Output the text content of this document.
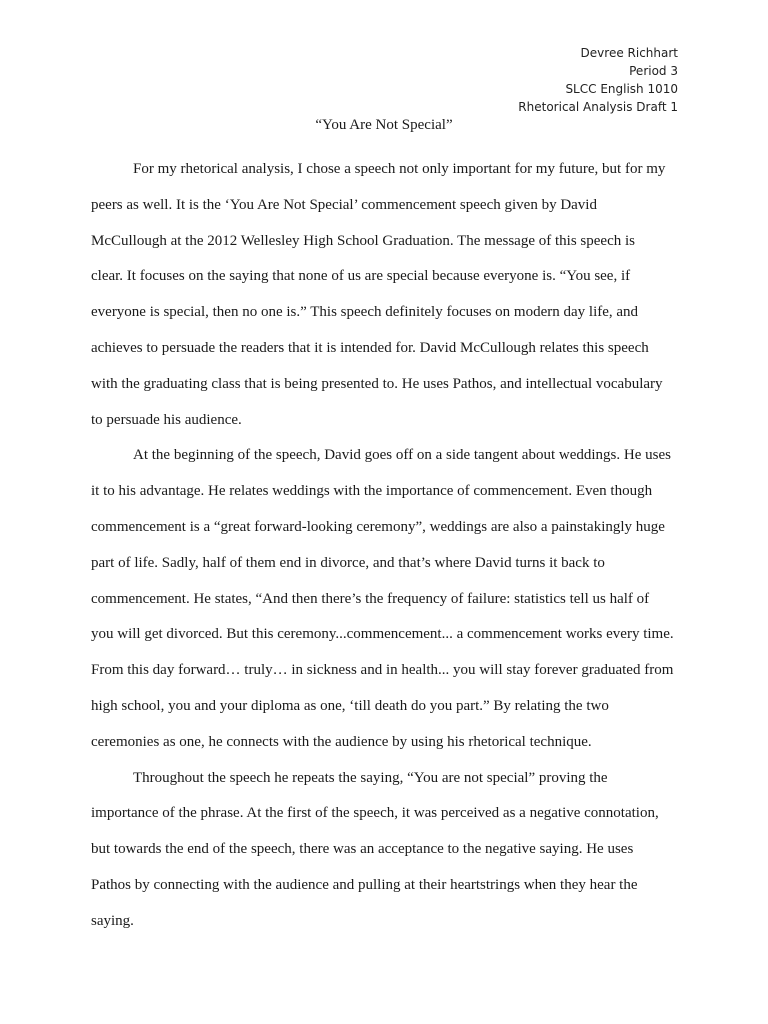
Devree Richhart
Period 3
SLCC English 1010
Rhetorical Analysis Draft 1
“You Are Not Special”

For my rhetorical analysis, I chose a speech not only important for my future, but for my
peers as well. It is the ‘You Are Not Special’ commencement speech given by David
McCullough at the 2012 Wellesley High School Graduation. The message of this speech is
clear. It focuses on the saying that none of us are special because everyone is. “You see, if
everyone is special, then no one is.” This speech definitely focuses on modern day life, and
achieves to persuade the readers that it is intended for. David McCullough relates this speech
with the graduating class that is being presented to. He uses Pathos, and intellectual vocabulary
to persuade his audience.

At the beginning of the speech, David goes off on a side tangent about weddings. He uses
it to his advantage. He relates weddings with the importance of commencement. Even though
commencement is a “great forward-looking ceremony”, weddings are also a painstakingly huge
part of life. Sadly, half of them end in divorce, and that’s where David turns it back to
commencement. He states, “And then there’s the frequency of failure: statistics tell us half of
you will get divorced. But this ceremony...commencement... a commencement works every time.
From this day forward… truly… in sickness and in health... you will stay forever graduated from
high school, you and your diploma as one, ‘till death do you part.” By relating the two
ceremonies as one, he connects with the audience by using his rhetorical technique.

Throughout the speech he repeats the saying, “You are not special” proving the
importance of the phrase. At the first of the speech, it was perceived as a negative connotation,
but towards the end of the speech, there was an acceptance to the negative saying. He uses
Pathos by connecting with the audience and pulling at their heartstrings when they hear the
saying.
